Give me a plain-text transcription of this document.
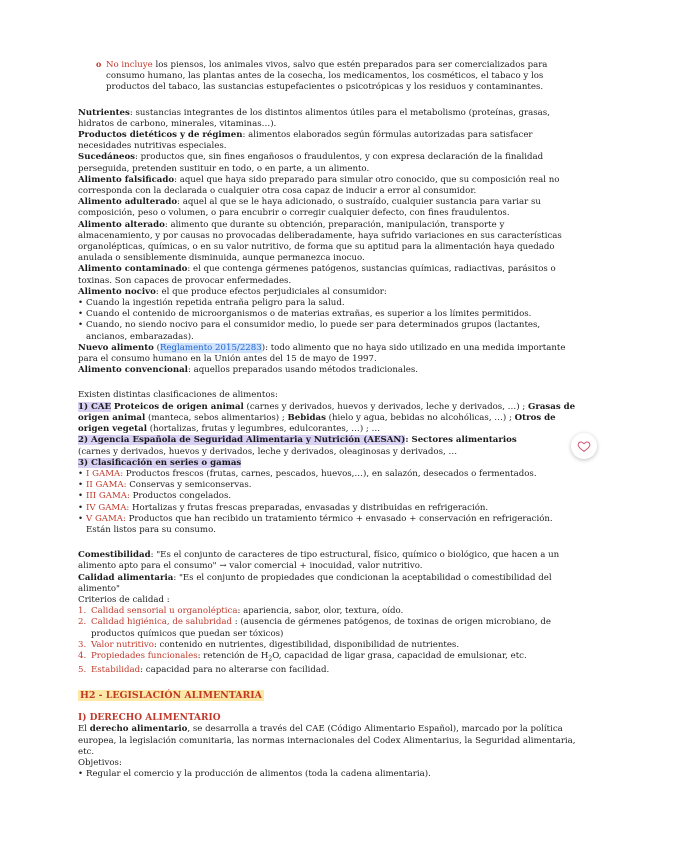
o No incluye los piensos, los animales vivos, salvo que estén preparados para ser comercializados para consumo humano, las plantas antes de la cosecha, los medicamentos, los cosméticos, el tabaco y los productos del tabaco, las sustancias estupefacientes o psicotrópicas y los residuos y contaminantes.

Nutrientes: sustancias integrantes de los distintos alimentos útiles para el metabolismo (proteínas, grasas, hidratos de carbono, minerales, vitaminas…).

Productos dietéticos y de régimen: alimentos elaborados según fórmulas autorizadas para satisfacer necesidades nutritivas especiales.

Sucedáneos: productos que, sin fines engañosos o fraudulentos, y con expresa declaración de la finalidad perseguida, pretenden sustituir en todo, o en parte, a un alimento.

Alimento falsificado: aquel que haya sido preparado para simular otro conocido, que su composición real no corresponda con la declarada o cualquier otra cosa capaz de inducir a error al consumidor.

Alimento adulterado: aquel al que se le haya adicionado, o sustraído, cualquier sustancia para variar su composición, peso o volumen, o para encubrir o corregir cualquier defecto, con fines fraudulentos.

Alimento alterado: alimento que durante su obtención, preparación, manipulación, transporte y almacenamiento, y por causas no provocadas deliberadamente, haya sufrido variaciones en sus características organolépticas, químicas, o en su valor nutritivo, de forma que su aptitud para la alimentación haya quedado anulada o sensiblemente disminuida, aunque permanezca inocuo.

Alimento contaminado: el que contenga gérmenes patógenos, sustancias químicas, radiactivas, parásitos o toxinas. Son capaces de provocar enfermedades.

Alimento nocivo: el que produce efectos perjudiciales al consumidor:

• Cuando la ingestión repetida entraña peligro para la salud.

• Cuando el contenido de microorganismos o de materias extrañas, es superior a los límites permitidos.

• Cuando, no siendo nocivo para el consumidor medio, lo puede ser para determinados grupos (lactantes, ancianos, embarazadas).

Nuevo alimento (Reglamento 2015/2283): todo alimento que no haya sido utilizado en una medida importante para el consumo humano en la Unión antes del 15 de mayo de 1997.

Alimento convencional: aquellos preparados usando métodos tradicionales.

Existen distintas clasificaciones de alimentos:

1) CAE Proteicos de origen animal (carnes y derivados, huevos y derivados, leche y derivados, …) ; Grasas de origen animal (manteca, sebos alimentarios) ; Bebidas (hielo y agua, bebidas no alcohólicas, …) ; Otros de origen vegetal (hortalizas, frutas y legumbres, edulcorantes, …) ; …

2) Agencia Española de Seguridad Alimentaria y Nutrición (AESAN): Sectores alimentarios

(carnes y derivados, huevos y derivados, leche y derivados, oleaginosas y derivados, …

3) Clasificación en series o gamas

• I GAMA: Productos frescos (frutas, carnes, pescados, huevos,…), en salazón, desecados o fermentados.

• II GAMA: Conservas y semiconservas.

• III GAMA: Productos congelados.

• IV GAMA: Hortalizas y frutas frescas preparadas, envasadas y distribuidas en refrigeración.

• V GAMA: Productos que han recibido un tratamiento térmico + envasado + conservación en refrigeración. Están listos para su consumo.

Comestibilidad: "Es el conjunto de caracteres de tipo estructural, físico, químico o biológico, que hacen a un alimento apto para el consumo" → valor comercial + inocuidad, valor nutritivo.

Calidad alimentaria: "Es el conjunto de propiedades que condicionan la aceptabilidad o comestibilidad del alimento"

Criterios de calidad :

1. Calidad sensorial u organoléptica: apariencia, sabor, olor, textura, oído.

2. Calidad higiénica, de salubridad : (ausencia de gérmenes patógenos, de toxinas de origen microbiano, de productos químicos que puedan ser tóxicos)

3. Valor nutritivo: contenido en nutrientes, digestibilidad, disponibilidad de nutrientes.

4. Propiedades funcionales: retención de $H_2O$, capacidad de ligar grasa, capacidad de emulsionar, etc.

5. Estabilidad: capacidad para no alterarse con facilidad.

H2 - LEGISLACIÓN ALIMENTARIA

I) DERECHO ALIMENTARIO

El derecho alimentario, se desarrolla a través del CAE (Código Alimentario Español), marcado por la política europea, la legislación comunitaria, las normas internacionales del Codex Alimentarius, la Seguridad alimentaria, etc.

Objetivos:

• Regular el comercio y la producción de alimentos (toda la cadena alimentaria).
